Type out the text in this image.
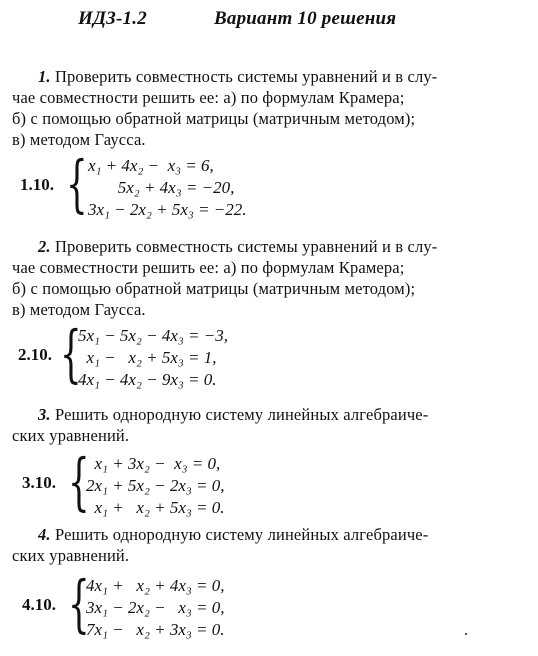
ИДЗ-1.2	Вариант 10 решения
1. Проверить совместность системы уравнений и в слу-
чае совместности решить ее: а) по формулам Крамера;
б) с помощью обратной матрицы (матричным методом);
в) методом Гаусса.
1.10. { x₁ + 4x₂ −  x₃ = 6,
5x₂ + 4x₃ = −20,
3x₁ − 2x₂ + 5x₃ = −22.
2. Проверить совместность системы уравнений и в слу-
чае совместности решить ее: а) по формулам Крамера;
б) с помощью обратной матрицы (матричным методом);
в) методом Гаусса.
2.10. {
5x₁ − 5x₂ − 4x₃ = −3,
x₁ −   x₂ + 5x₃ = 1,
4x₁ − 4x₂ − 9x₃ = 0.
3. Решить однородную систему линейных алгебраиче-
ских уравнений.
3.10. {
x₁ + 3x₂ −  x₃ = 0,
2x₁ + 5x₂ − 2x₃ = 0,
x₁ +   x₂ + 5x₃ = 0.
4. Решить однородную систему линейных алгебраиче-
ских уравнений.
4.10. {
4x₁ +   x₂ + 4x₃ = 0,
3x₁ − 2x₂ −   x₃ = 0,
7x₁ −   x₂ + 3x₃ = 0.
